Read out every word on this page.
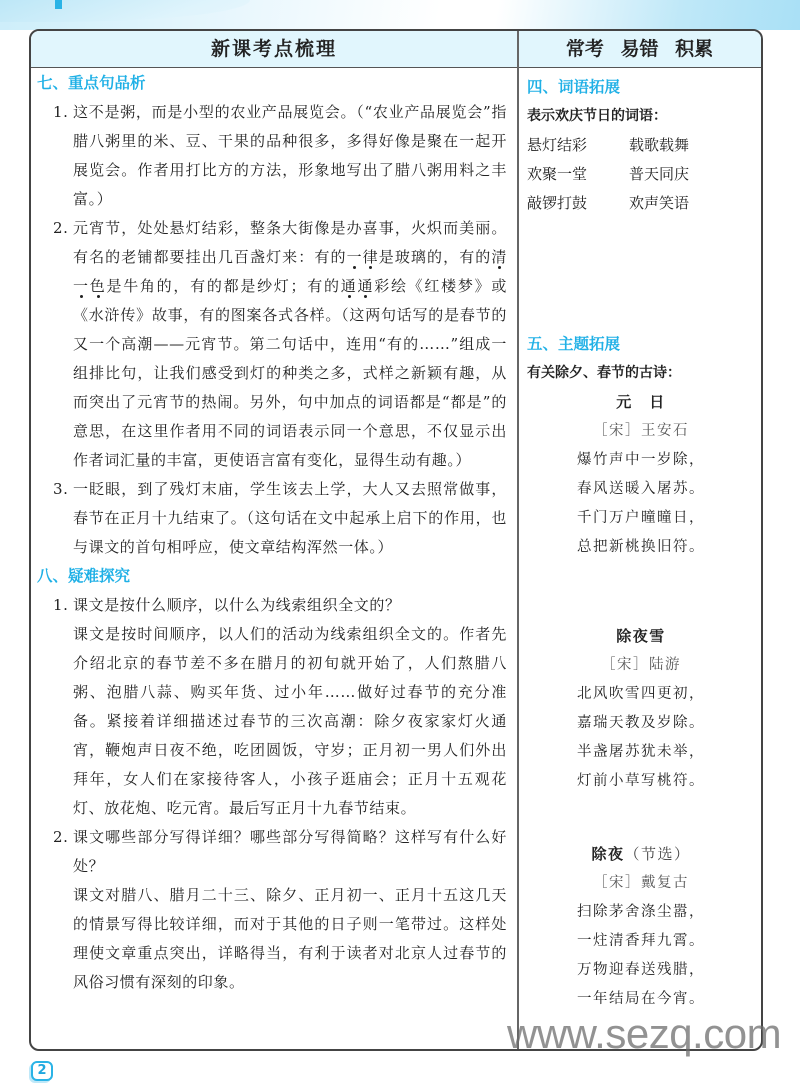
新课考点梳理	常考 易错 积累
七、重点句品析
1. 这不是粥，而是小型的农业产品展览会。（“农业产品展览会”指腊八粥里的米、豆、干果的品种很多，多得好像是聚在一起开展览会。作者用打比方的方法，形象地写出了腊八粥用料之丰富。）
2. 元宵节，处处悬灯结彩，整条大街像是办喜事，火炽而美丽。有名的老铺都要挂出几百盏灯来：有的一律是玻璃的，有的清一色是牛角的，有的都是纱灯；有的通通彩绘《红楼梦》或《水浒传》故事，有的图案各式各样。（这两句话写的是春节的又一个高潮——元宵节。第二句话中，连用“有的……”组成一组排比句，让我们感受到灯的种类之多，式样之新颖有趣，从而突出了元宵节的热闹。另外，句中加点的词语都是“都是”的意思，在这里作者用不同的词语表示同一个意思，不仅显示出作者词汇量的丰富，更使语言富有变化，显得生动有趣。）
3. 一眨眼，到了残灯末庙，学生该去上学，大人又去照常做事，春节在正月十九结束了。（这句话在文中起承上启下的作用，也与课文的首句相呼应，使文章结构浑然一体。）
八、疑难探究
1. 课文是按什么顺序，以什么为线索组织全文的？
课文是按时间顺序，以人们的活动为线索组织全文的。作者先介绍北京的春节差不多在腊月的初旬就开始了，人们熬腊八粥、泡腊八蒜、购买年货、过小年……做好过春节的充分准备。紧接着详细描述过春节的三次高潮：除夕夜家家灯火通宵，鞭炮声日夜不绝，吃团圆饭，守岁；正月初一男人们外出拜年，女人们在家接待客人，小孩子逛庙会；正月十五观花灯、放花炮、吃元宵。最后写正月十九春节结束。
2. 课文哪些部分写得详细？哪些部分写得简略？这样写有什么好处？
课文对腊八、腊月二十三、除夕、正月初一、正月十五这几天的情景写得比较详细，而对于其他的日子则一笔带过。这样处理使文章重点突出，详略得当，有利于读者对北京人过春节的风俗习惯有深刻的印象。
四、词语拓展
表示欢庆节日的词语：
悬灯结彩	载歌载舞
欢聚一堂	普天同庆
敲锣打鼓	欢声笑语
五、主题拓展
有关除夕、春节的古诗：
元　日
［宋］王安石
爆竹声中一岁除，
春风送暖入屠苏。
千门万户曈曈日，
总把新桃换旧符。
除夜雪
［宋］陆游
北风吹雪四更初，
嘉瑞天教及岁除。
半盏屠苏犹未举，
灯前小草写桃符。
除夜（节选）
［宋］戴复古
扫除茅舍涤尘嚣，
一炷清香拜九霄。
万物迎春送残腊，
一年结局在今宵。
www.sezq.com
2
